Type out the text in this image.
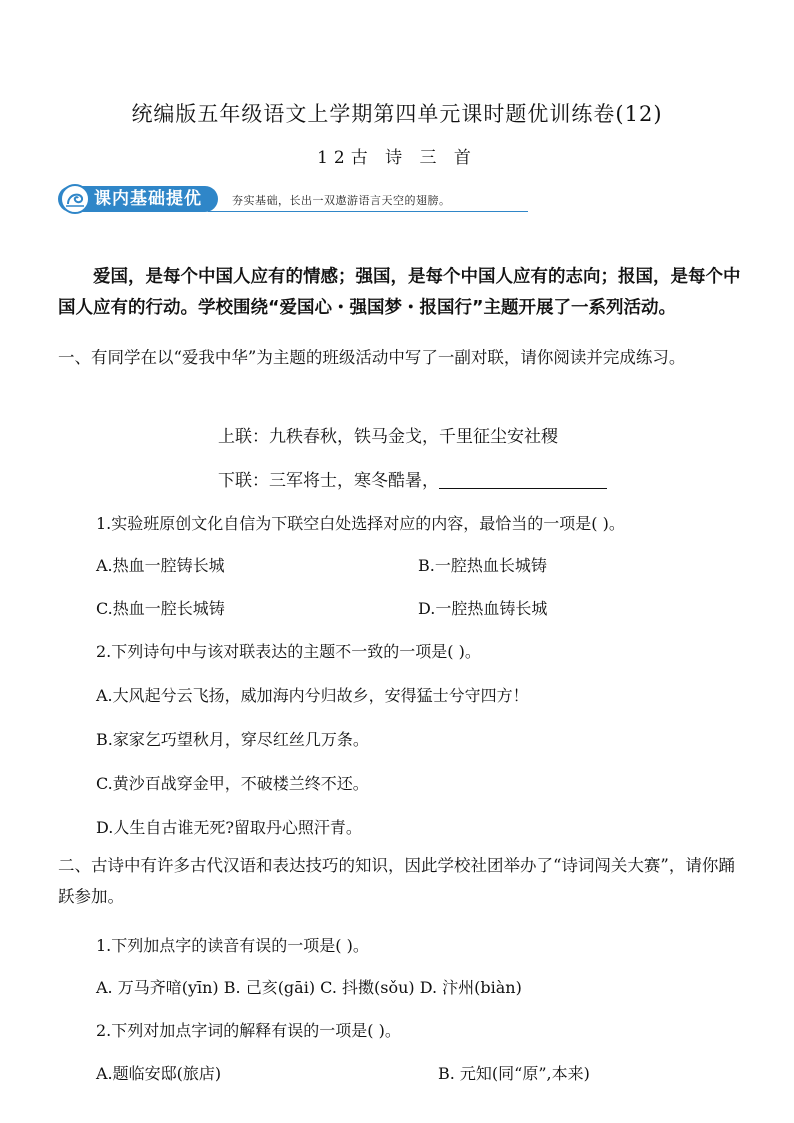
统编版五年级语文上学期第四单元课时题优训练卷(12)
12古 诗 三 首
课内基础提优	夯实基础，长出一双遨游语言天空的翅膀。

爱国，是每个中国人应有的情感；强国，是每个中国人应有的志向；报国，是每个中国人应有的行动。学校围绕“爱国心・强国梦・报国行”主题开展了一系列活动。

一、有同学在以“爱我中华”为主题的班级活动中写了一副对联，请你阅读并完成练习。

上联：九秩春秋，铁马金戈，千里征尘安社稷
下联：三军将士，寒冬酷暑，
1.实验班原创文化自信为下联空白处选择对应的内容，最恰当的一项是( )。
A.热血一腔铸长城	B.一腔热血长城铸
C.热血一腔长城铸	D.一腔热血铸长城
2.下列诗句中与该对联表达的主题不一致的一项是( )。
A.大风起兮云飞扬，威加海内兮归故乡，安得猛士兮守四方！
B.家家乞巧望秋月，穿尽红丝几万条。
C.黄沙百战穿金甲，不破楼兰终不还。
D.人生自古谁无死?留取丹心照汗青。

二、古诗中有许多古代汉语和表达技巧的知识，因此学校社团举办了“诗词闯关大赛”，请你踊跃参加。

1.下列加点字的读音有误的一项是( )。
A. 万马齐喑(yīn) B. 己亥(gāi) C. 抖擞(sǒu) D. 汴州(biàn)
2.下列对加点字词的解释有误的一项是( )。
A.题临安邸(旅店)	B. 元知(同“原”,本来)
